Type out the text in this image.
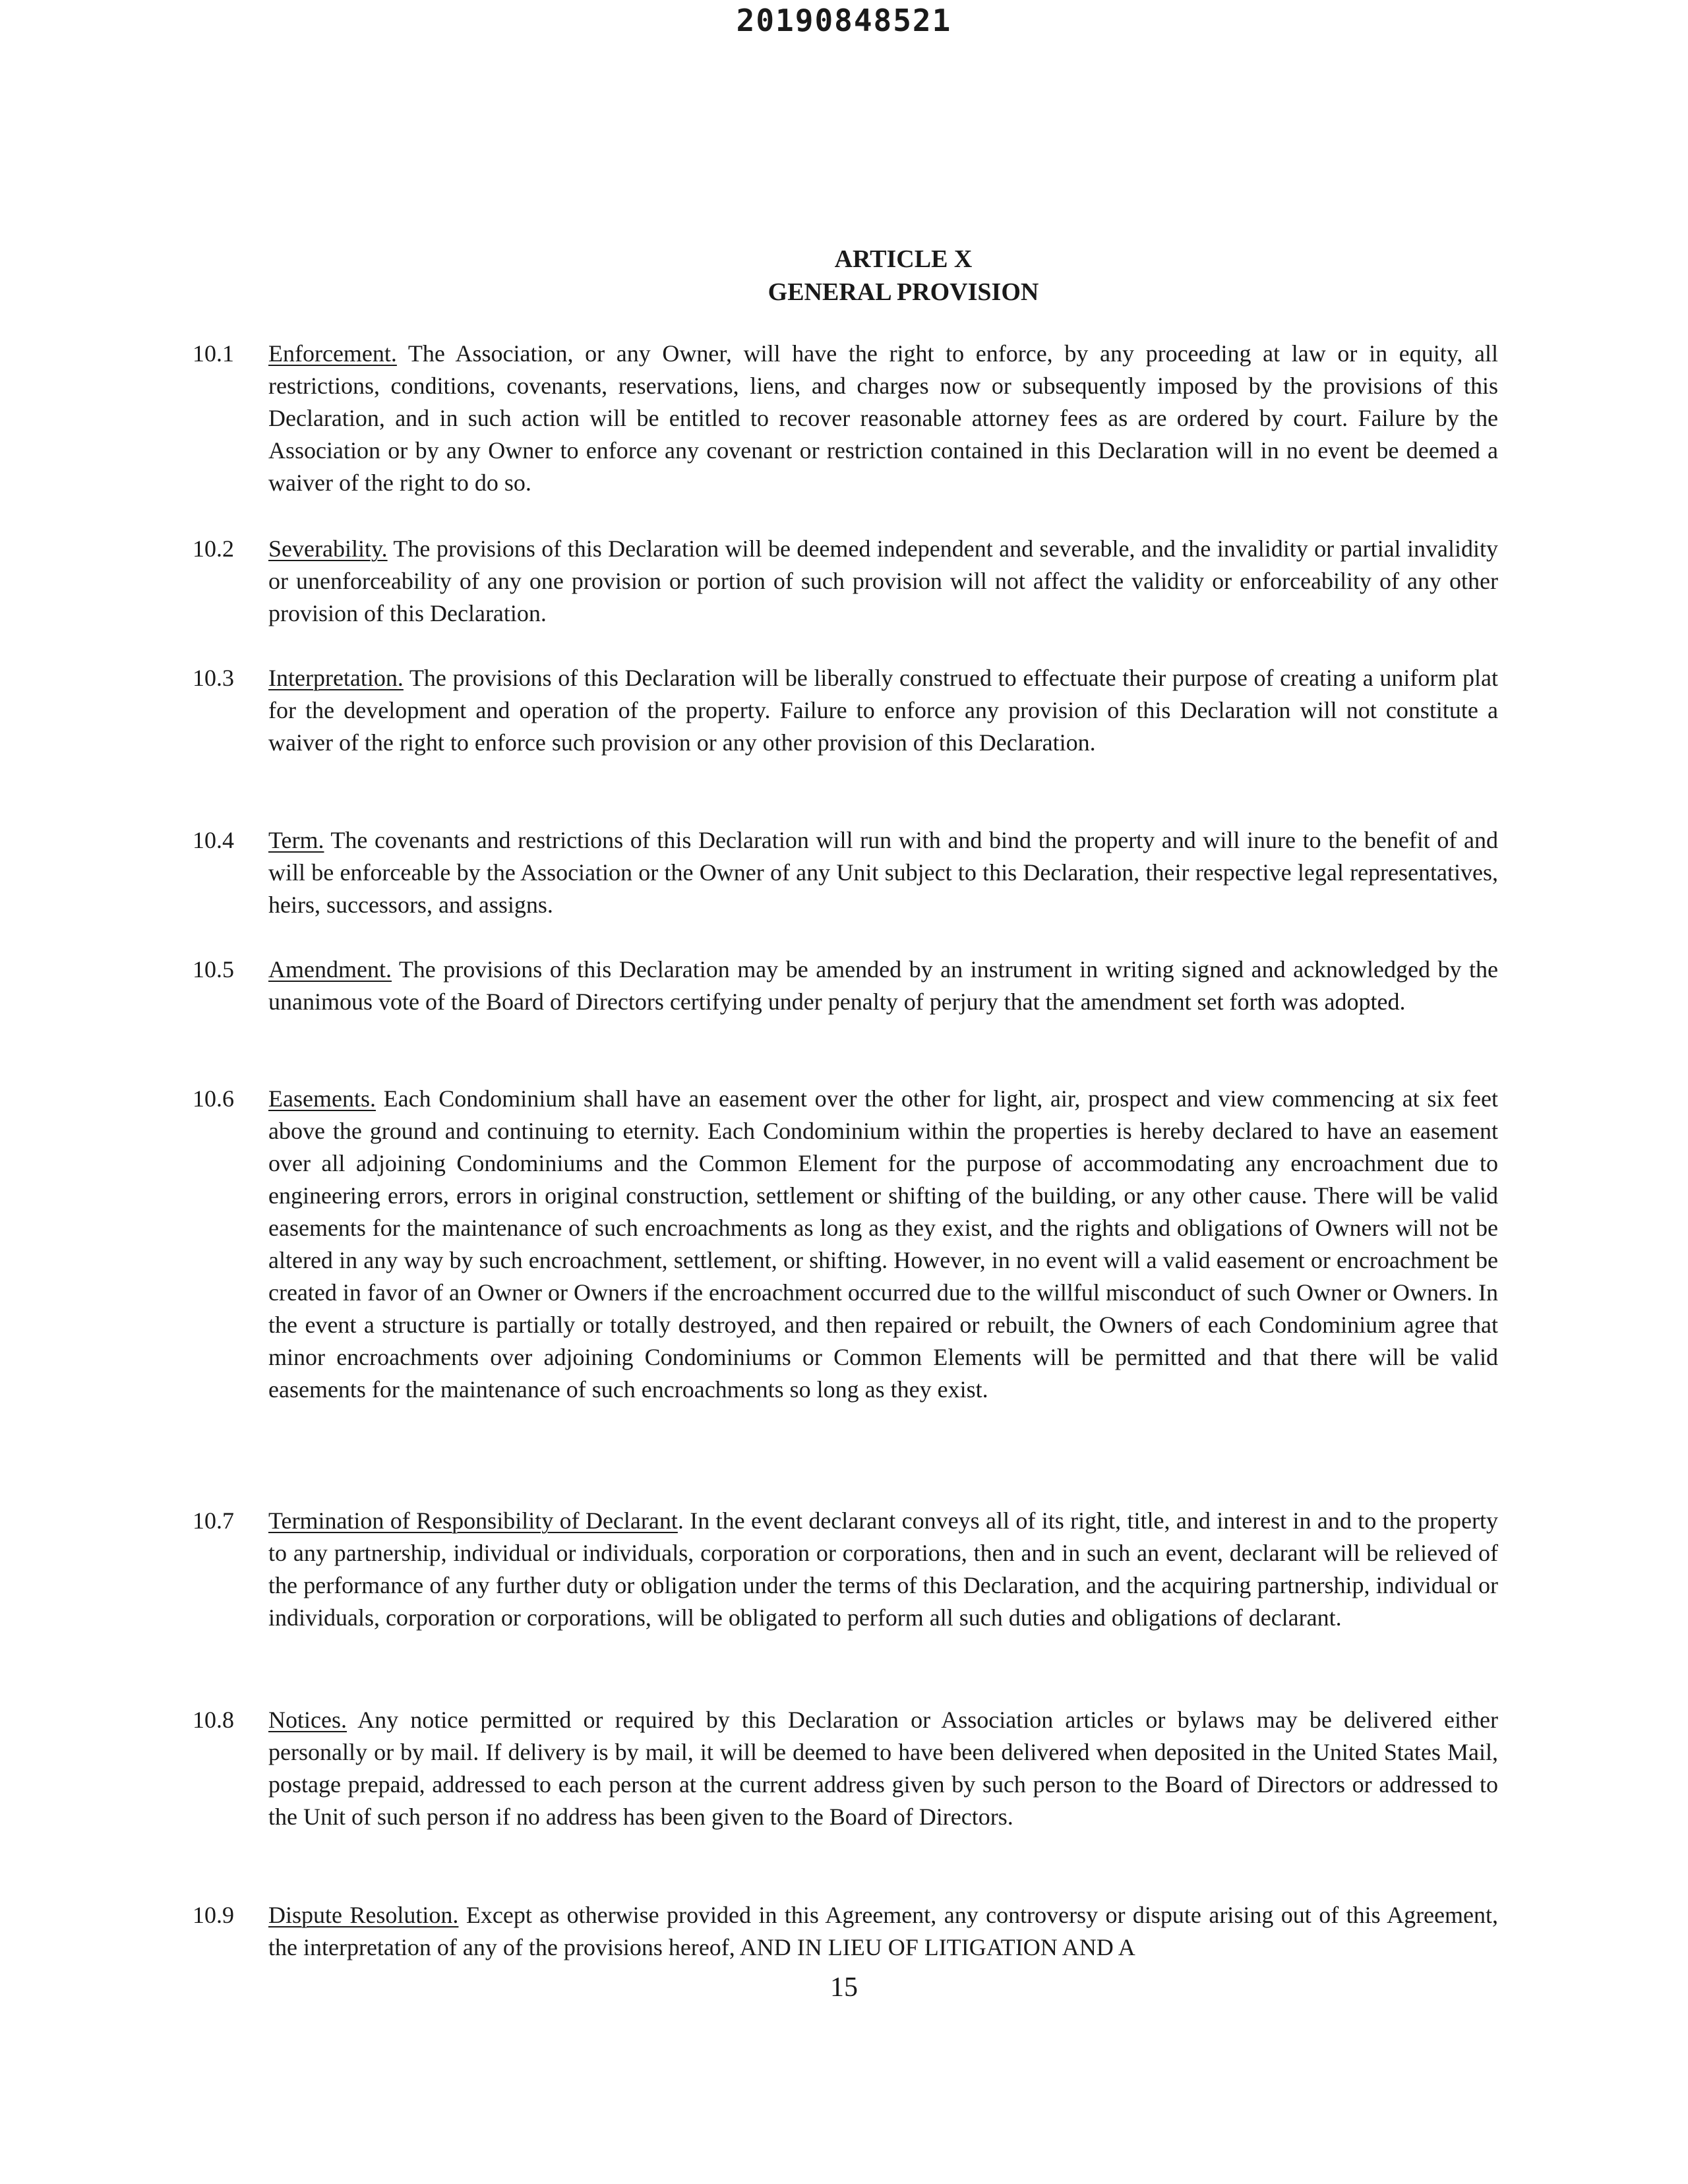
20190848521
ARTICLE X
GENERAL PROVISION
10.1 Enforcement. The Association, or any Owner, will have the right to enforce, by any proceeding at law or in equity, all restrictions, conditions, covenants, reservations, liens, and charges now or subsequently imposed by the provisions of this Declaration, and in such action will be entitled to recover reasonable attorney fees as are ordered by court. Failure by the Association or by any Owner to enforce any covenant or restriction contained in this Declaration will in no event be deemed a waiver of the right to do so.
10.2 Severability. The provisions of this Declaration will be deemed independent and severable, and the invalidity or partial invalidity or unenforceability of any one provision or portion of such provision will not affect the validity or enforceability of any other provision of this Declaration.
10.3 Interpretation. The provisions of this Declaration will be liberally construed to effectuate their purpose of creating a uniform plat for the development and operation of the property. Failure to enforce any provision of this Declaration will not constitute a waiver of the right to enforce such provision or any other provision of this Declaration.
10.4 Term. The covenants and restrictions of this Declaration will run with and bind the property and will inure to the benefit of and will be enforceable by the Association or the Owner of any Unit subject to this Declaration, their respective legal representatives, heirs, successors, and assigns.
10.5 Amendment. The provisions of this Declaration may be amended by an instrument in writing signed and acknowledged by the unanimous vote of the Board of Directors certifying under penalty of perjury that the amendment set forth was adopted.
10.6 Easements. Each Condominium shall have an easement over the other for light, air, prospect and view commencing at six feet above the ground and continuing to eternity. Each Condominium within the properties is hereby declared to have an easement over all adjoining Condominiums and the Common Element for the purpose of accommodating any encroachment due to engineering errors, errors in original construction, settlement or shifting of the building, or any other cause. There will be valid easements for the maintenance of such encroachments as long as they exist, and the rights and obligations of Owners will not be altered in any way by such encroachment, settlement, or shifting. However, in no event will a valid easement or encroachment be created in favor of an Owner or Owners if the encroachment occurred due to the willful misconduct of such Owner or Owners. In the event a structure is partially or totally destroyed, and then repaired or rebuilt, the Owners of each Condominium agree that minor encroachments over adjoining Condominiums or Common Elements will be permitted and that there will be valid easements for the maintenance of such encroachments so long as they exist.
10.7 Termination of Responsibility of Declarant. In the event declarant conveys all of its right, title, and interest in and to the property to any partnership, individual or individuals, corporation or corporations, then and in such an event, declarant will be relieved of the performance of any further duty or obligation under the terms of this Declaration, and the acquiring partnership, individual or individuals, corporation or corporations, will be obligated to perform all such duties and obligations of declarant.
10.8 Notices. Any notice permitted or required by this Declaration or Association articles or bylaws may be delivered either personally or by mail. If delivery is by mail, it will be deemed to have been delivered when deposited in the United States Mail, postage prepaid, addressed to each person at the current address given by such person to the Board of Directors or addressed to the Unit of such person if no address has been given to the Board of Directors.
10.9 Dispute Resolution. Except as otherwise provided in this Agreement, any controversy or dispute arising out of this Agreement, the interpretation of any of the provisions hereof, AND IN LIEU OF LITIGATION AND A
15
